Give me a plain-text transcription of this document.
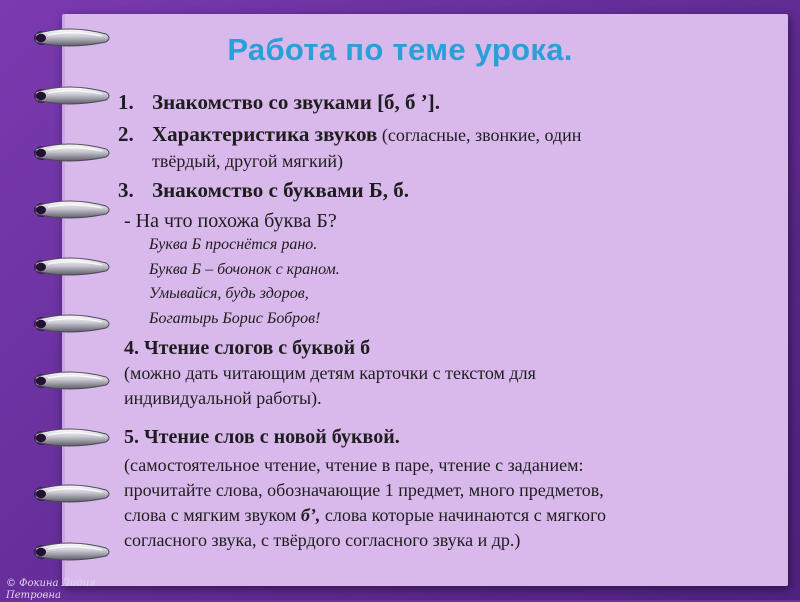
Работа по теме урока.
1. Знакомство со звуками [б, б ’].
2. Характеристика звуков (согласные, звонкие, один
твёрдый, другой мягкий)
3. Знакомство с буквами Б, б.
- На что похожа буква Б?
Буква Б проснётся рано.
Буква Б – бочонок с краном.
Умывайся, будь здоров,
Богатырь Борис Бобров!
4. Чтение слогов с буквой б
(можно дать читающим детям карточки с текстом для
индивидуальной работы).
5. Чтение слов с новой буквой.
(самостоятельное чтение, чтение в паре, чтение с заданием:
прочитайте слова, обозначающие 1 предмет, много предметов,
слова с мягким звуком б’, слова которые начинаются с мягкого
согласного звука, с твёрдого согласного звука и др.)
© Фокина Лидия
Петровна
